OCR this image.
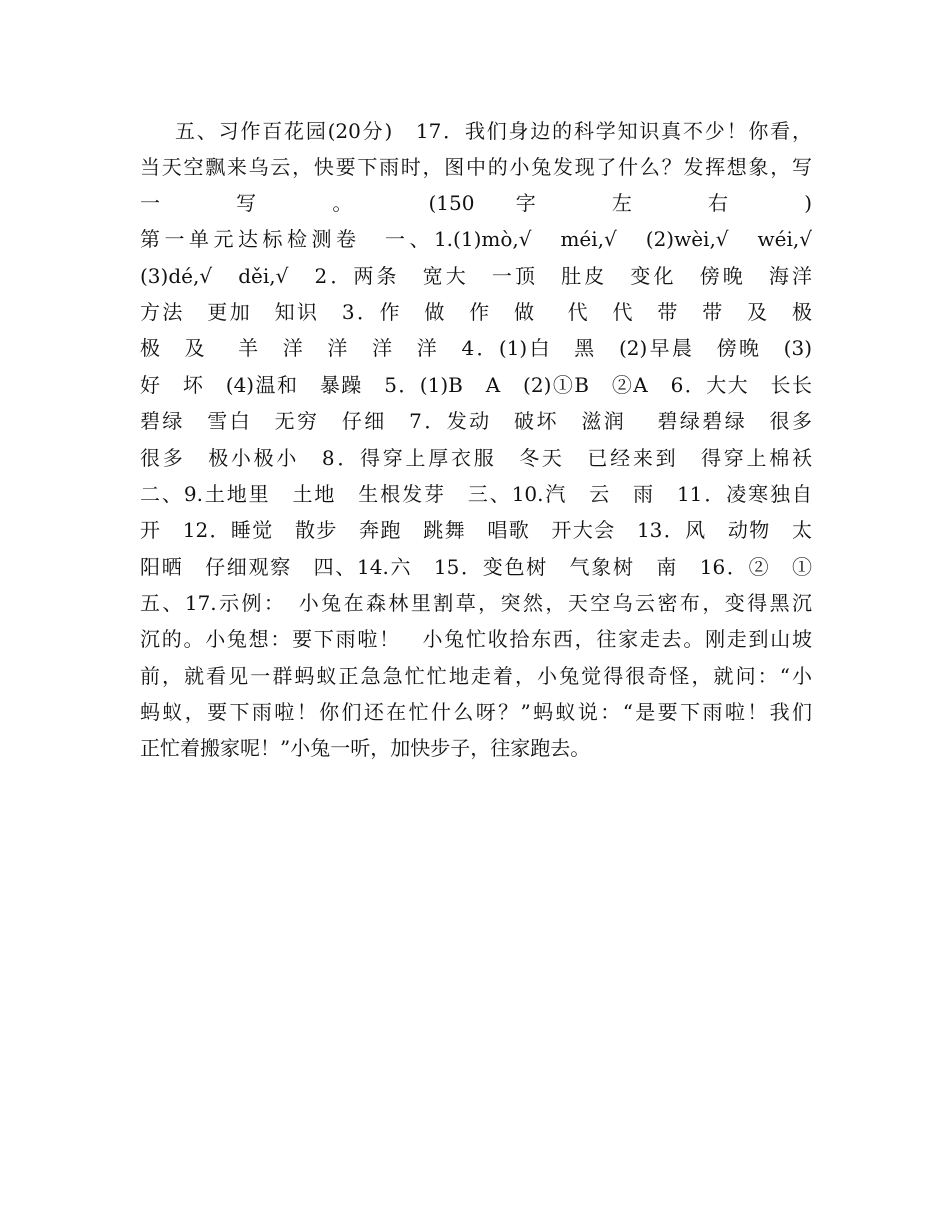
五、习作百花园(20分)　17．我们身边的科学知识真不少！你看，
当天空飘来乌云，快要下雨时，图中的小兔发现了什么？发挥想象，写
一 写 。 (150 字 左 右 )
第一单元达标检测卷　一、1.(1)mò,√　méi,√　(2)wèi,√　wéi,√
(3)dé,√　děi,√　2．两条　宽大　一顶　肚皮　变化　傍晚　海洋
方法　更加　知识　3．作　做　作　做　 代　代　带　带　及　极
极　及　 羊　洋　洋　洋　洋　4．(1)白　黑　(2)早晨　傍晚　(3)
好　坏　(4)温和　暴躁　5．(1)B　A　(2)①B　②A　6．大大　长长
碧绿　雪白　无穷　仔细　7．发动　破坏　滋润　 碧绿碧绿　很多
很多　极小极小　8．得穿上厚衣服　冬天　已经来到　得穿上棉袄
二、9.土地里　土地　生根发芽　三、10.汽　云　雨　11．凌寒独自
开　12．睡觉　散步　奔跑　跳舞　唱歌　开大会　13．风　动物　太
阳晒　仔细观察　四、14.六　15．变色树　气象树　南　16．②　①
五、17.示例：　小兔在森林里割草，突然，天空乌云密布，变得黑沉
沉的。小兔想：要下雨啦！　小兔忙收拾东西，往家走去。刚走到山坡
前，就看见一群蚂蚁正急急忙忙地走着，小兔觉得很奇怪，就问：“小
蚂蚁，要下雨啦！你们还在忙什么呀？”蚂蚁说：“是要下雨啦！我们
正忙着搬家呢！”小兔一听，加快步子，往家跑去。
